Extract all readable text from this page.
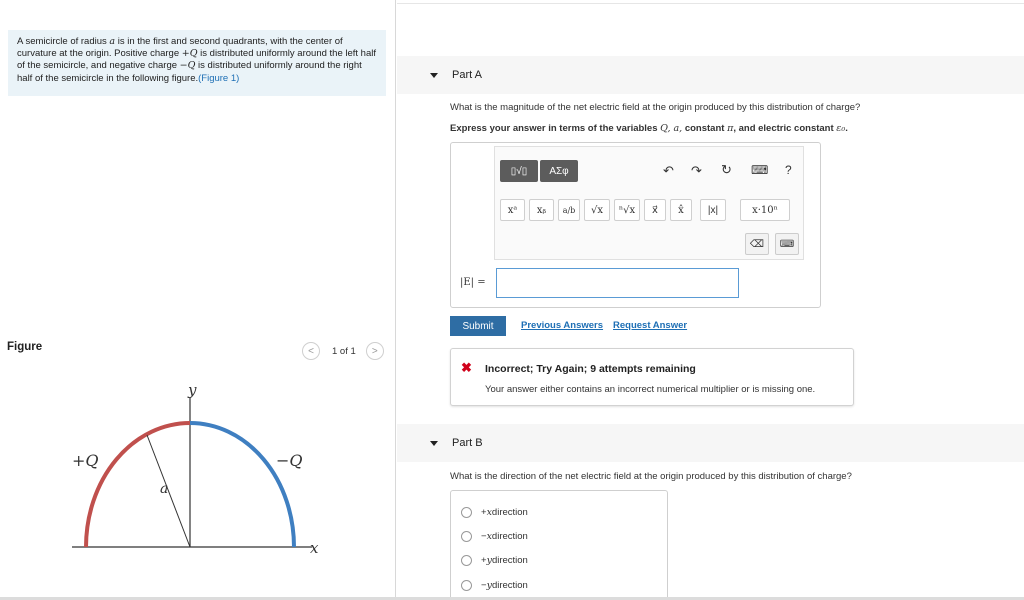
A semicircle of radius a is in the first and second quadrants, with the center of curvature at the origin. Positive charge +Q is distributed uniformly around the left half of the semicircle, and negative charge −Q is distributed uniformly around the right half of the semicircle in the following figure.(Figure 1)
Figure	<	1 of 1	>
y
x
+Q	−Q
a
Part A
What is the magnitude of the net electric field at the origin produced by this distribution of charge?
Express your answer in terms of the variables Q, a, constant π, and electric constant ε₀.
▯√▯	ΑΣφ	↶ ↷ ↻ ⌨ ?
xᵃ	xᵦ	a/b	√x	ⁿ√x	x⃗	x̂	|x|	x·10ⁿ
⌫	⌨
|E| =
Submit	Previous Answers Request Answer
✖ Incorrect; Try Again; 9 attempts remaining
Your answer either contains an incorrect numerical multiplier or is missing one.
Part B
What is the direction of the net electric field at the origin produced by this distribution of charge?
+ x direction
− x direction
+ y direction
− y direction
